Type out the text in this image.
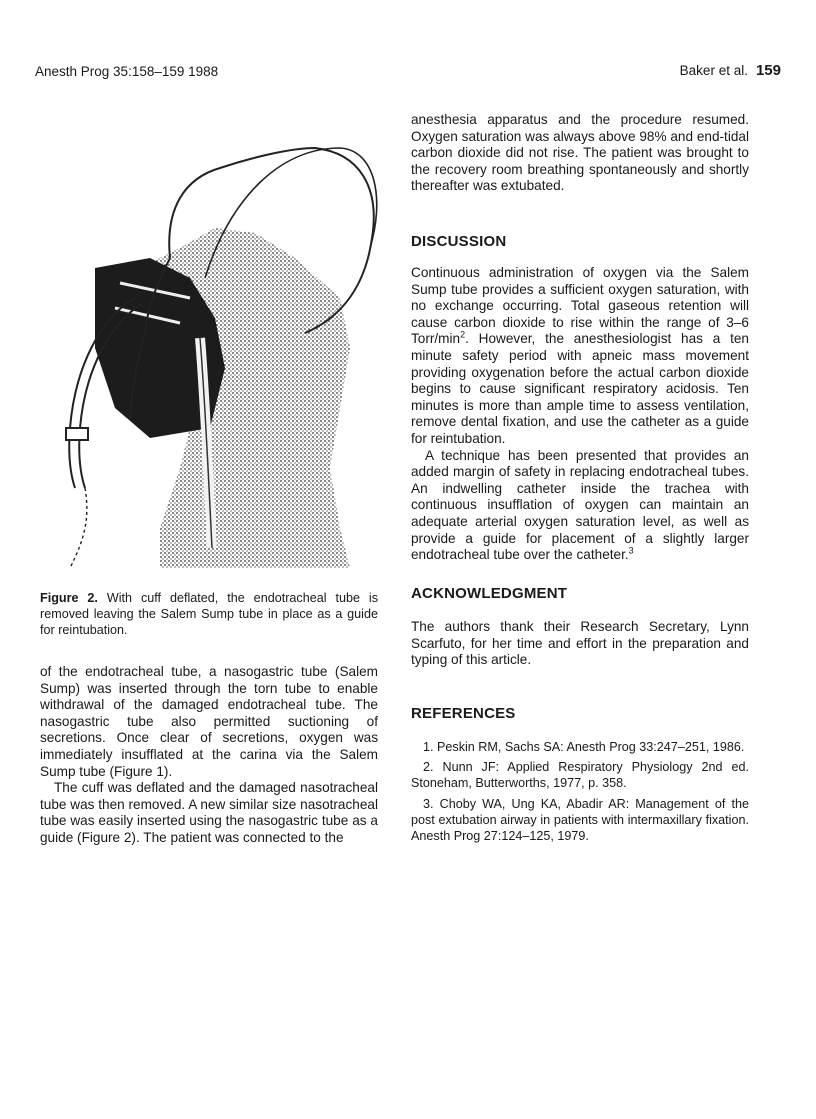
Anesth Prog 35:158–159 1988	Baker et al. 159
Figure 2. With cuff deflated, the endotracheal tube is removed leaving the Salem Sump tube in place as a guide for reintubation.

of the endotracheal tube, a nasogastric tube (Salem Sump) was inserted through the torn tube to enable withdrawal of the damaged endotracheal tube. The nasogastric tube also permitted suctioning of secretions. Once clear of secretions, oxygen was immediately insufflated at the carina via the Salem Sump tube (Figure 1).

The cuff was deflated and the damaged nasotracheal tube was then removed. A new similar size nasotracheal tube was easily inserted using the nasogastric tube as a guide (Figure 2). The patient was connected to the

anesthesia apparatus and the procedure resumed. Oxygen saturation was always above 98% and end-tidal carbon dioxide did not rise. The patient was brought to the recovery room breathing spontaneously and shortly thereafter was extubated.

DISCUSSION

Continuous administration of oxygen via the Salem Sump tube provides a sufficient oxygen saturation, with no exchange occurring. Total gaseous retention will cause carbon dioxide to rise within the range of 3–6 Torr/$\min^2$. However, the anesthesiologist has a ten minute safety period with apneic mass movement providing oxygenation before the actual carbon dioxide begins to cause significant respiratory acidosis. Ten minutes is more than ample time to assess ventilation, remove dental fixation, and use the catheter as a guide for reintubation.

A technique has been presented that provides an added margin of safety in replacing endotracheal tubes. An indwelling catheter inside the trachea with continuous insufflation of oxygen can maintain an adequate arterial oxygen saturation level, as well as provide a guide for placement of a slightly larger endotracheal tube over the catheter.$^3$

ACKNOWLEDGMENT

The authors thank their Research Secretary, Lynn Scarfuto, for her time and effort in the preparation and typing of this article.

REFERENCES
1. Peskin RM, Sachs SA: Anesth Prog 33:247–251, 1986.
2. Nunn JF: Applied Respiratory Physiology 2nd ed. Stoneham, Butterworths, 1977, p. 358.
3. Choby WA, Ung KA, Abadir AR: Management of the post extubation airway in patients with intermaxillary fixation. Anesth Prog 27:124–125, 1979.
